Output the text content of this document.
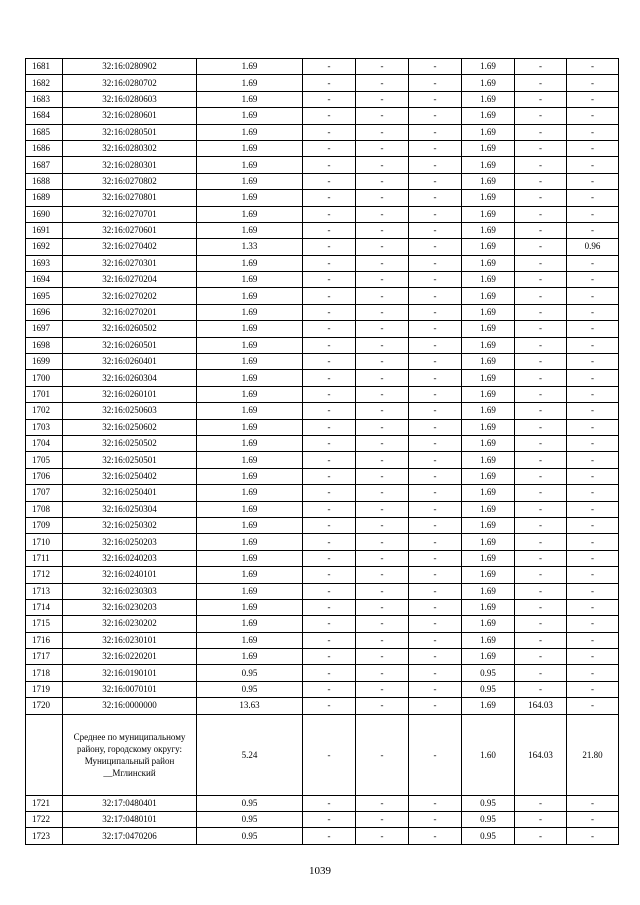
1681	32:16:0280902	1.69	-	-	-	1.69	-	-
1682	32:16:0280702	1.69	-	-	-	1.69	-	-
1683	32:16:0280603	1.69	-	-	-	1.69	-	-
1684	32:16:0280601	1.69	-	-	-	1.69	-	-
1685	32:16:0280501	1.69	-	-	-	1.69	-	-
1686	32:16:0280302	1.69	-	-	-	1.69	-	-
1687	32:16:0280301	1.69	-	-	-	1.69	-	-
1688	32:16:0270802	1.69	-	-	-	1.69	-	-
1689	32:16:0270801	1.69	-	-	-	1.69	-	-
1690	32:16:0270701	1.69	-	-	-	1.69	-	-
1691	32:16:0270601	1.69	-	-	-	1.69	-	-
1692	32:16:0270402	1.33	-	-	-	1.69	-	0.96
1693	32:16:0270301	1.69	-	-	-	1.69	-	-
1694	32:16:0270204	1.69	-	-	-	1.69	-	-
1695	32:16:0270202	1.69	-	-	-	1.69	-	-
1696	32:16:0270201	1.69	-	-	-	1.69	-	-
1697	32:16:0260502	1.69	-	-	-	1.69	-	-
1698	32:16:0260501	1.69	-	-	-	1.69	-	-
1699	32:16:0260401	1.69	-	-	-	1.69	-	-
1700	32:16:0260304	1.69	-	-	-	1.69	-	-
1701	32:16:0260101	1.69	-	-	-	1.69	-	-
1702	32:16:0250603	1.69	-	-	-	1.69	-	-
1703	32:16:0250602	1.69	-	-	-	1.69	-	-
1704	32:16:0250502	1.69	-	-	-	1.69	-	-
1705	32:16:0250501	1.69	-	-	-	1.69	-	-
1706	32:16:0250402	1.69	-	-	-	1.69	-	-
1707	32:16:0250401	1.69	-	-	-	1.69	-	-
1708	32:16:0250304	1.69	-	-	-	1.69	-	-
1709	32:16:0250302	1.69	-	-	-	1.69	-	-
1710	32:16:0250203	1.69	-	-	-	1.69	-	-
1711	32:16:0240203	1.69	-	-	-	1.69	-	-
1712	32:16:0240101	1.69	-	-	-	1.69	-	-
1713	32:16:0230303	1.69	-	-	-	1.69	-	-
1714	32:16:0230203	1.69	-	-	-	1.69	-	-
1715	32:16:0230202	1.69	-	-	-	1.69	-	-
1716	32:16:0230101	1.69	-	-	-	1.69	-	-
1717	32:16:0220201	1.69	-	-	-	1.69	-	-
1718	32:16:0190101	0.95	-	-	-	0.95	-	-
1719	32:16:0070101	0.95	-	-	-	0.95	-	-
1720	32:16:0000000	13.63	-	-	-	1.69	164.03	-
	Среднее по муниципальному району, городскому округу: Муниципальный район __Мглинский	5.24	-	-	-	1.60	164.03	21.80
1721	32:17:0480401	0.95	-	-	-	0.95	-	-
1722	32:17:0480101	0.95	-	-	-	0.95	-	-
1723	32:17:0470206	0.95	-	-	-	0.95	-	-
1039
